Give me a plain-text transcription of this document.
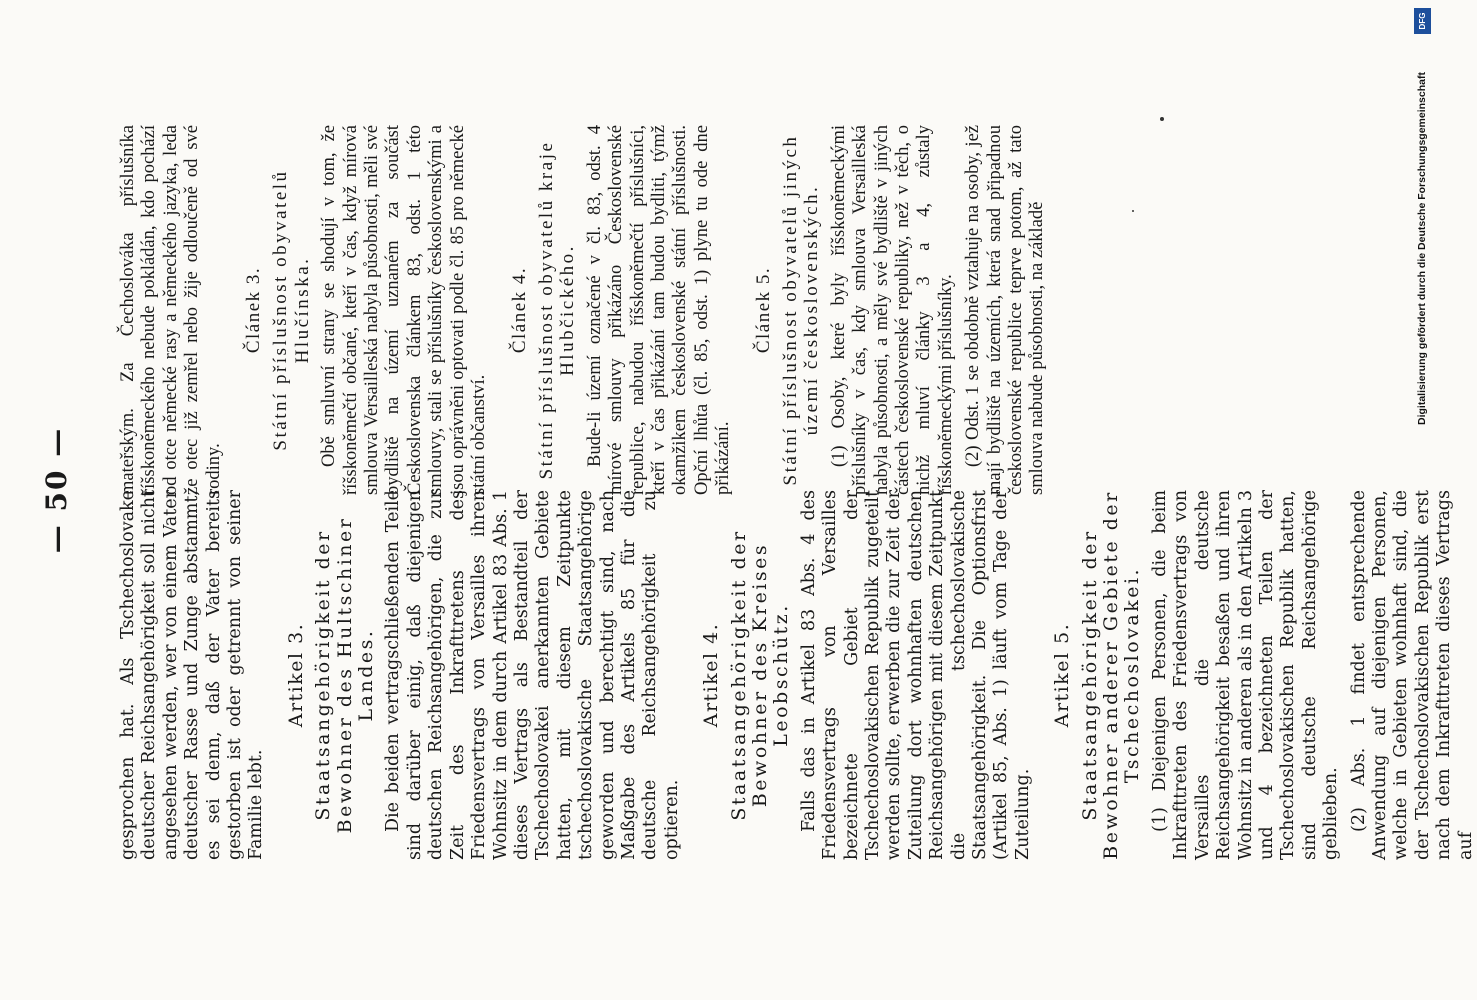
— 50 —	gesprochen hat. Als Tschechoslovake deutscher Reichsangehörigkeit soll nicht angesehen werden, wer von einem Vater deutscher Rasse und Zunge abstammt, es sei denn, daß der Vater bereits gestorben ist oder getrennt von seiner Familie lebt.

Artikel 3. Staatsangehörigkeit der Bewohner des Hultschiner Landes. Die beiden vertragschließenden Teile sind darüber einig, daß diejenigen deutschen Reichsangehörigen, die zur Zeit des Inkrafttretens des Friedensvertrags von Versailles ihren Wohnsitz in dem durch Artikel 83 Abs. 1 dieses Vertrags als Bestandteil der Tschechoslovakei anerkannten Gebiete hatten, mit diesem Zeitpunkte tschechoslovakische Staatsangehörige geworden und berechtigt sind, nach Maßgabe des Artikels 85 für die deutsche Reichsangehörigkeit zu optieren.

Artikel 4. Staatsangehörigkeit der Bewohner des Kreises Leobschütz. Falls das in Artikel 83 Abs. 4 des Friedensvertrags von Versailles bezeichnete Gebiet der Tschechoslovakischen Republik zugeteilt werden sollte, erwerben die zur Zeit der Zuteilung dort wohnhaften deutschen Reichsangehörigen mit diesem Zeitpunkt die tschechoslovakische Staatsangehörigkeit. Die Optionsfrist (Artikel 85, Abs. 1) läuft vom Tage der Zuteilung.

Artikel 5. Staatsangehörigkeit der Bewohner anderer Gebiete der Tschechoslovakei. (1) Diejenigen Personen, die beim Inkrafttreten des Friedensvertrags von Versailles die deutsche Reichsangehörigkeit besaßen und ihren Wohnsitz in anderen als in den Artikeln 3 und 4 bezeichneten Teilen der Tschechoslovakischen Republik hatten, sind deutsche Reichsangehörige geblieben. (2) Abs. 1 findet entsprechende Anwendung auf diejenigen Personen, welche in Gebieten wohnhaft sind, die der Tschechoslovakischen Republik erst nach dem Inkrafttreten dieses Vertrags auf

mateřským. Za Čechoslováka příslušníka říšskoněmeckého nebude pokládán, kdo pochází od otce německé rasy a německého jazyka, leda že otec již zemřel nebo žije odloučeně od své rodiny.

Článek 3. Státní příslušnost obyvatelů Hlučínska. Obě smluvní strany se shodují v tom, že říšskoněmečtí občané, kteří v čas, když mírová smlouva Versailleská nabyla působnosti, měli své bydliště na území uznaném za součást Československa článkem 83, odst. 1 této smlouvy, stali se příslušníky československými a jsou oprávněni optovati podle čl. 85 pro německé státní občanství.

Článek 4. Státní příslušnost obyvatelů kraje Hlubčického. Bude-li území označené v čl. 83, odst. 4 mírové smlouvy přikázáno Československé republice, nabudou říšskoněmečtí příslušníci, kteří v čas přikázání tam budou bydliti, týmž okamžikem československé státní příslušnosti. Opční lhůta (čl. 85, odst. 1) plyne tu ode dne přikázání.

Článek 5. Státní příslušnost obyvatelů jiných území československých. (1) Osoby, které byly říšskoněmeckými příslušníky v čas, kdy smlouva Versailleská nabyla působnosti, a měly své bydliště v jiných částech československé republiky, než v těch, o nichž mluví články 3 a 4, zůstaly říšskoněmeckými příslušníky. (2) Odst. 1 se obdobně vztahuje na osoby, jež mají bydliště na územích, která snad připadnou československé republice teprve potom, až tato smlouva nabude působnosti, na základě

DFG
Digitalisierung gefördert durch die Deutsche Forschungsgemeinschaft
